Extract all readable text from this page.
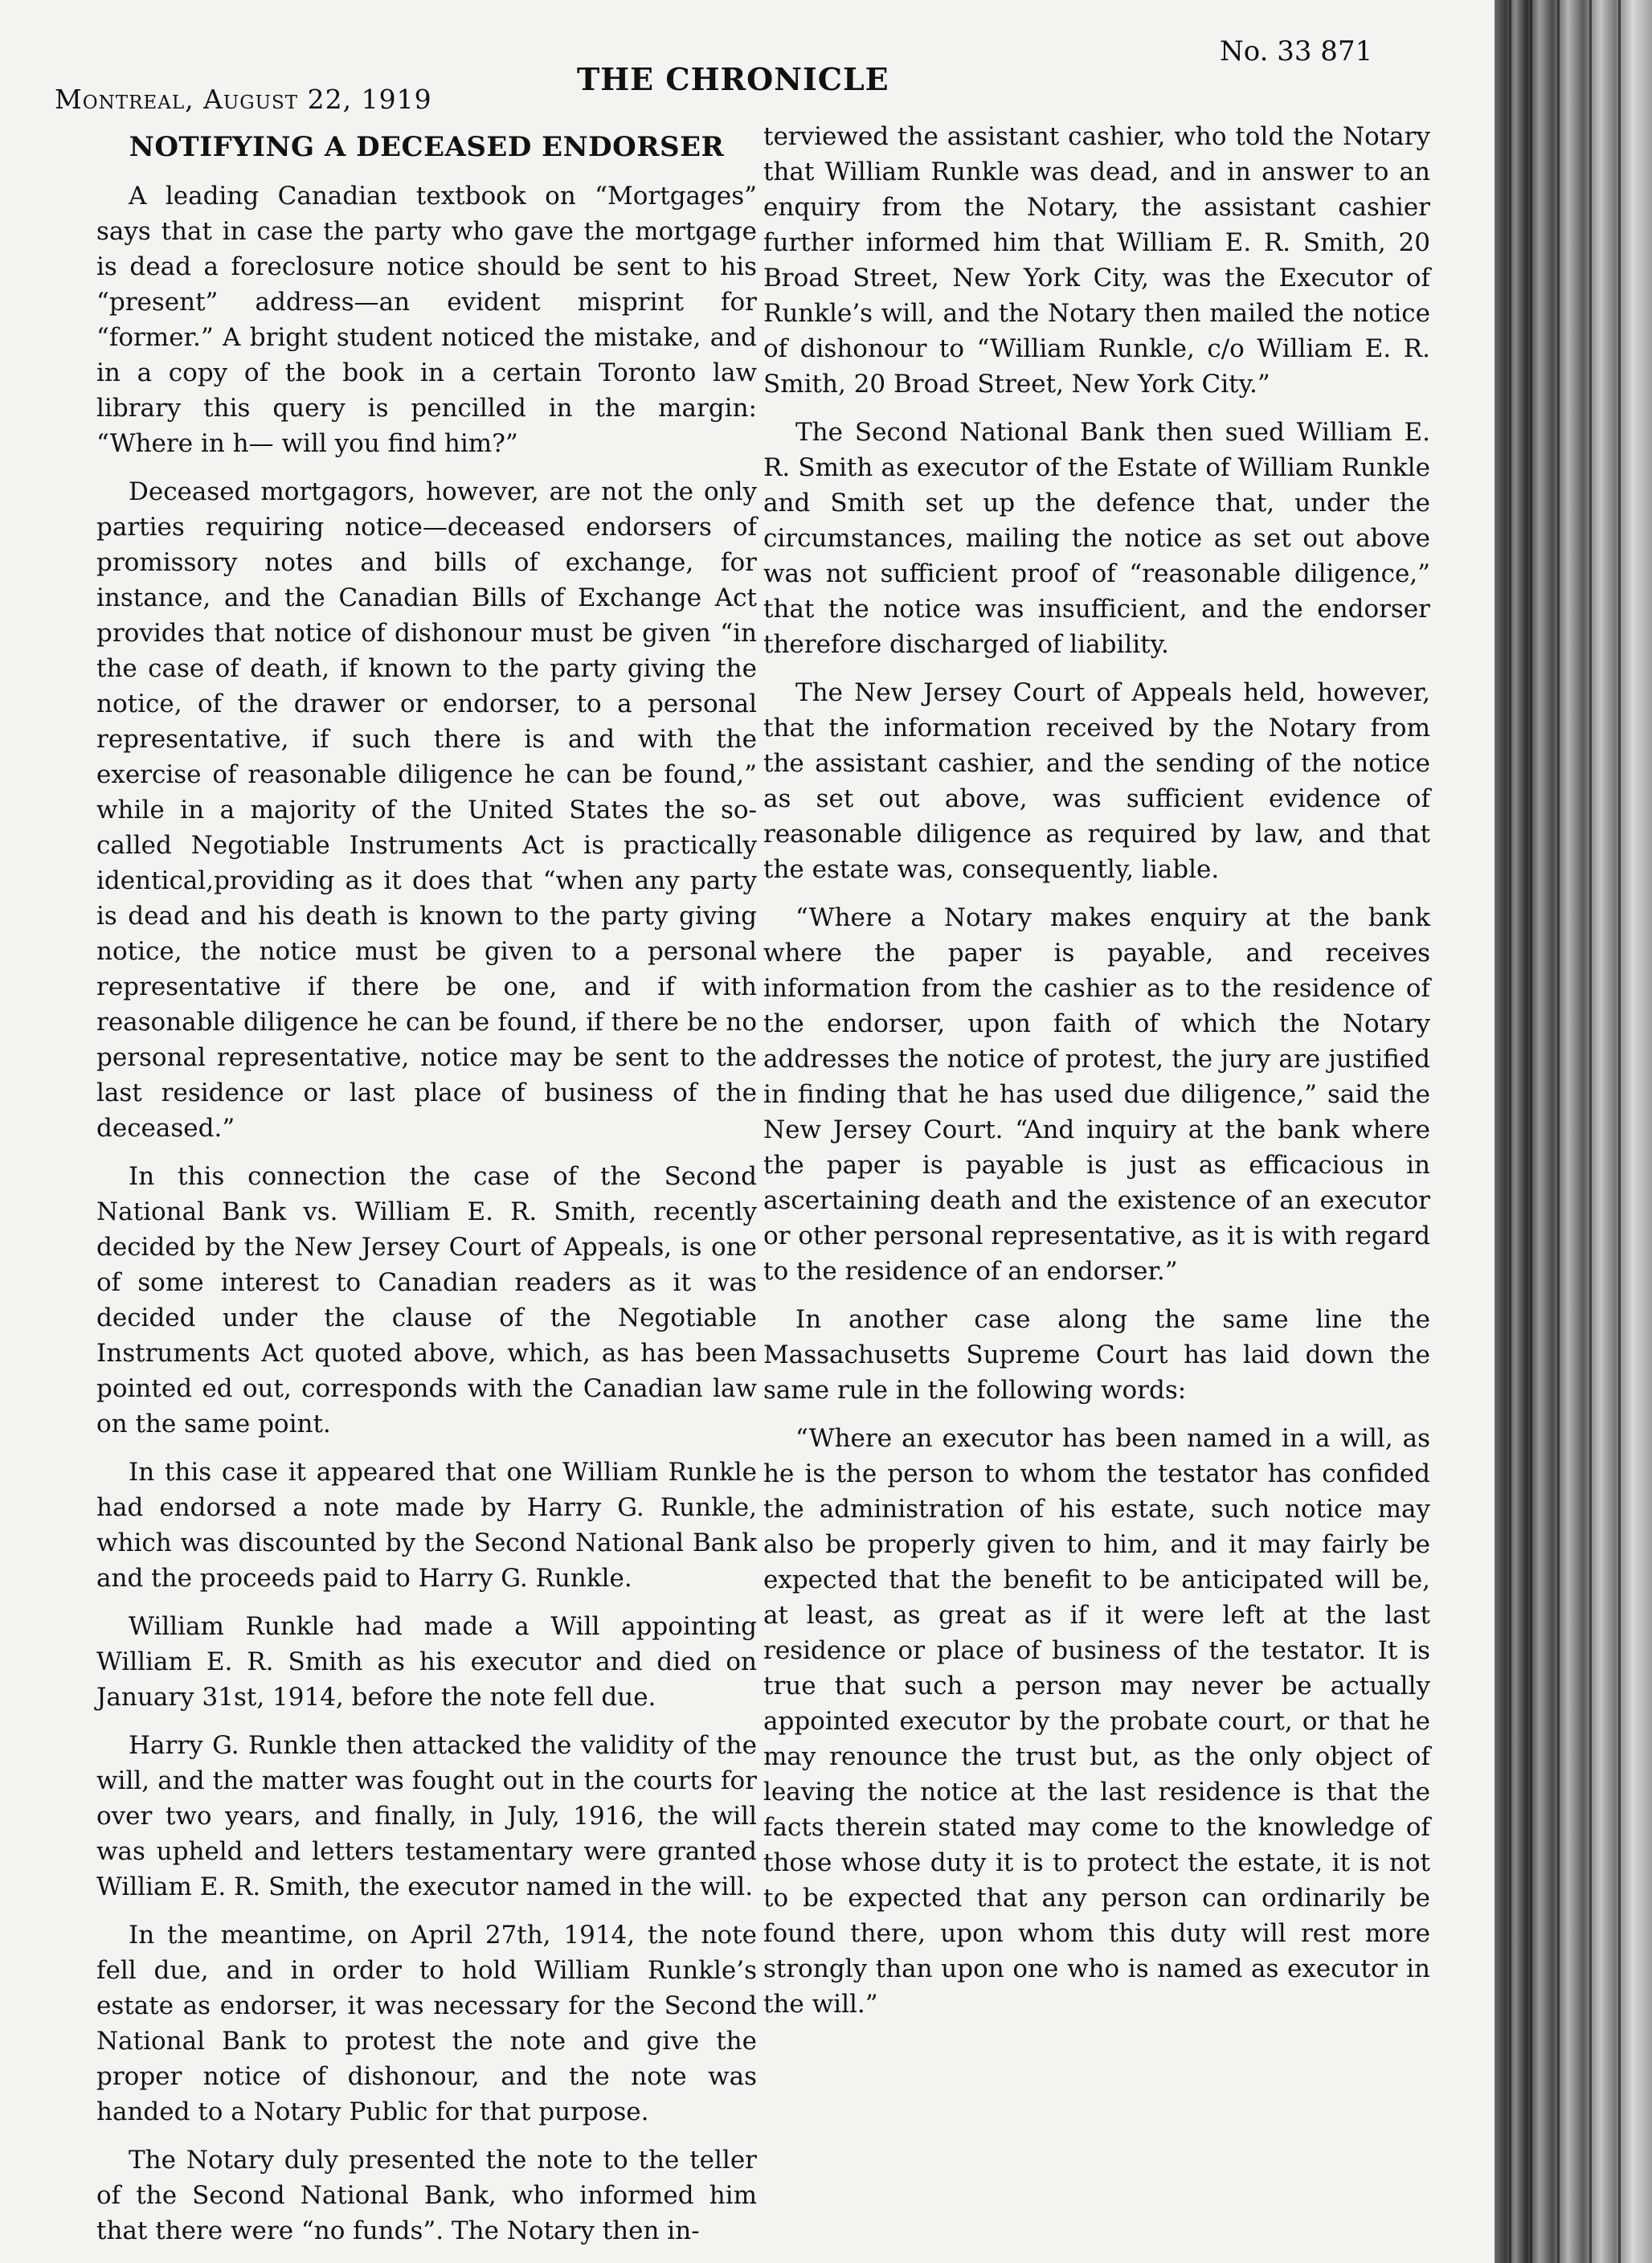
Montreal, August 22, 1919
THE CHRONICLE
No. 33 871
NOTIFYING A DECEASED ENDORSER

A leading Canadian textbook on “Mortgages” says that in case the party who gave the mortgage is dead a foreclosure notice should be sent to his “present” address—an evident misprint for “former.” A bright student noticed the mistake, and in a copy of the book in a certain Toronto law library this query is pencilled in the margin: “Where in h— will you find him?”

Deceased mortgagors, however, are not the only parties requiring notice—deceased endorsers of promissory notes and bills of exchange, for instance, and the Canadian Bills of Exchange Act provides that notice of dishonour must be given “in the case of death, if known to the party giving the notice, of the drawer or endorser, to a personal representative, if such there is and with the exercise of reasonable diligence he can be found,” while in a majority of the United States the so-called Negotiable Instruments Act is practically identical,providing as it does that “when any party is dead and his death is known to the party giving notice, the notice must be given to a personal representative if there be one, and if with reasonable diligence he can be found, if there be no personal representative, notice may be sent to the last residence or last place of business of the deceased.”

In this connection the case of the Second National Bank vs. William E. R. Smith, recently decided by the New Jersey Court of Appeals, is one of some interest to Canadian readers as it was decided under the clause of the Negotiable Instruments Act quoted above, which, as has been pointed ed out, corresponds with the Canadian law on the same point.

In this case it appeared that one William Runkle had endorsed a note made by Harry G. Runkle, which was discounted by the Second National Bank and the proceeds paid to Harry G. Runkle.

William Runkle had made a Will appointing William E. R. Smith as his executor and died on January 31st, 1914, before the note fell due.

Harry G. Runkle then attacked the validity of the will, and the matter was fought out in the courts for over two years, and finally, in July, 1916, the will was upheld and letters testamentary were granted William E. R. Smith, the executor named in the will.

In the meantime, on April 27th, 1914, the note fell due, and in order to hold William Runkle’s estate as endorser, it was necessary for the Second National Bank to protest the note and give the proper notice of dishonour, and the note was handed to a Notary Public for that purpose.

The Notary duly presented the note to the teller of the Second National Bank, who informed him that there were “no funds”. The Notary then in-

terviewed the assistant cashier, who told the Notary that William Runkle was dead, and in answer to an enquiry from the Notary, the assistant cashier further informed him that William E. R. Smith, 20 Broad Street, New York City, was the Executor of Runkle’s will, and the Notary then mailed the notice of dishonour to “William Runkle, c/o William E. R. Smith, 20 Broad Street, New York City.”

The Second National Bank then sued William E. R. Smith as executor of the Estate of William Runkle and Smith set up the defence that, under the circumstances, mailing the notice as set out above was not sufficient proof of “reasonable diligence,” that the notice was insufficient, and the endorser therefore discharged of liability.

The New Jersey Court of Appeals held, however, that the information received by the Notary from the assistant cashier, and the sending of the notice as set out above, was sufficient evidence of reasonable diligence as required by law, and that the estate was, consequently, liable.

“Where a Notary makes enquiry at the bank where the paper is payable, and receives information from the cashier as to the residence of the endorser, upon faith of which the Notary addresses the notice of protest, the jury are justified in finding that he has used due diligence,” said the New Jersey Court. “And inquiry at the bank where the paper is payable is just as efficacious in ascertaining death and the existence of an executor or other personal representative, as it is with regard to the residence of an endorser.”

In another case along the same line the Massachusetts Supreme Court has laid down the same rule in the following words:

“Where an executor has been named in a will, as he is the person to whom the testator has confided the administration of his estate, such notice may also be properly given to him, and it may fairly be expected that the benefit to be anticipated will be, at least, as great as if it were left at the last residence or place of business of the testator. It is true that such a person may never be actually appointed executor by the probate court, or that he may renounce the trust but, as the only object of leaving the notice at the last residence is that the facts therein stated may come to the knowledge of those whose duty it is to protect the estate, it is not to be expected that any person can ordinarily be found there, upon whom this duty will rest more strongly than upon one who is named as executor in the will.”
